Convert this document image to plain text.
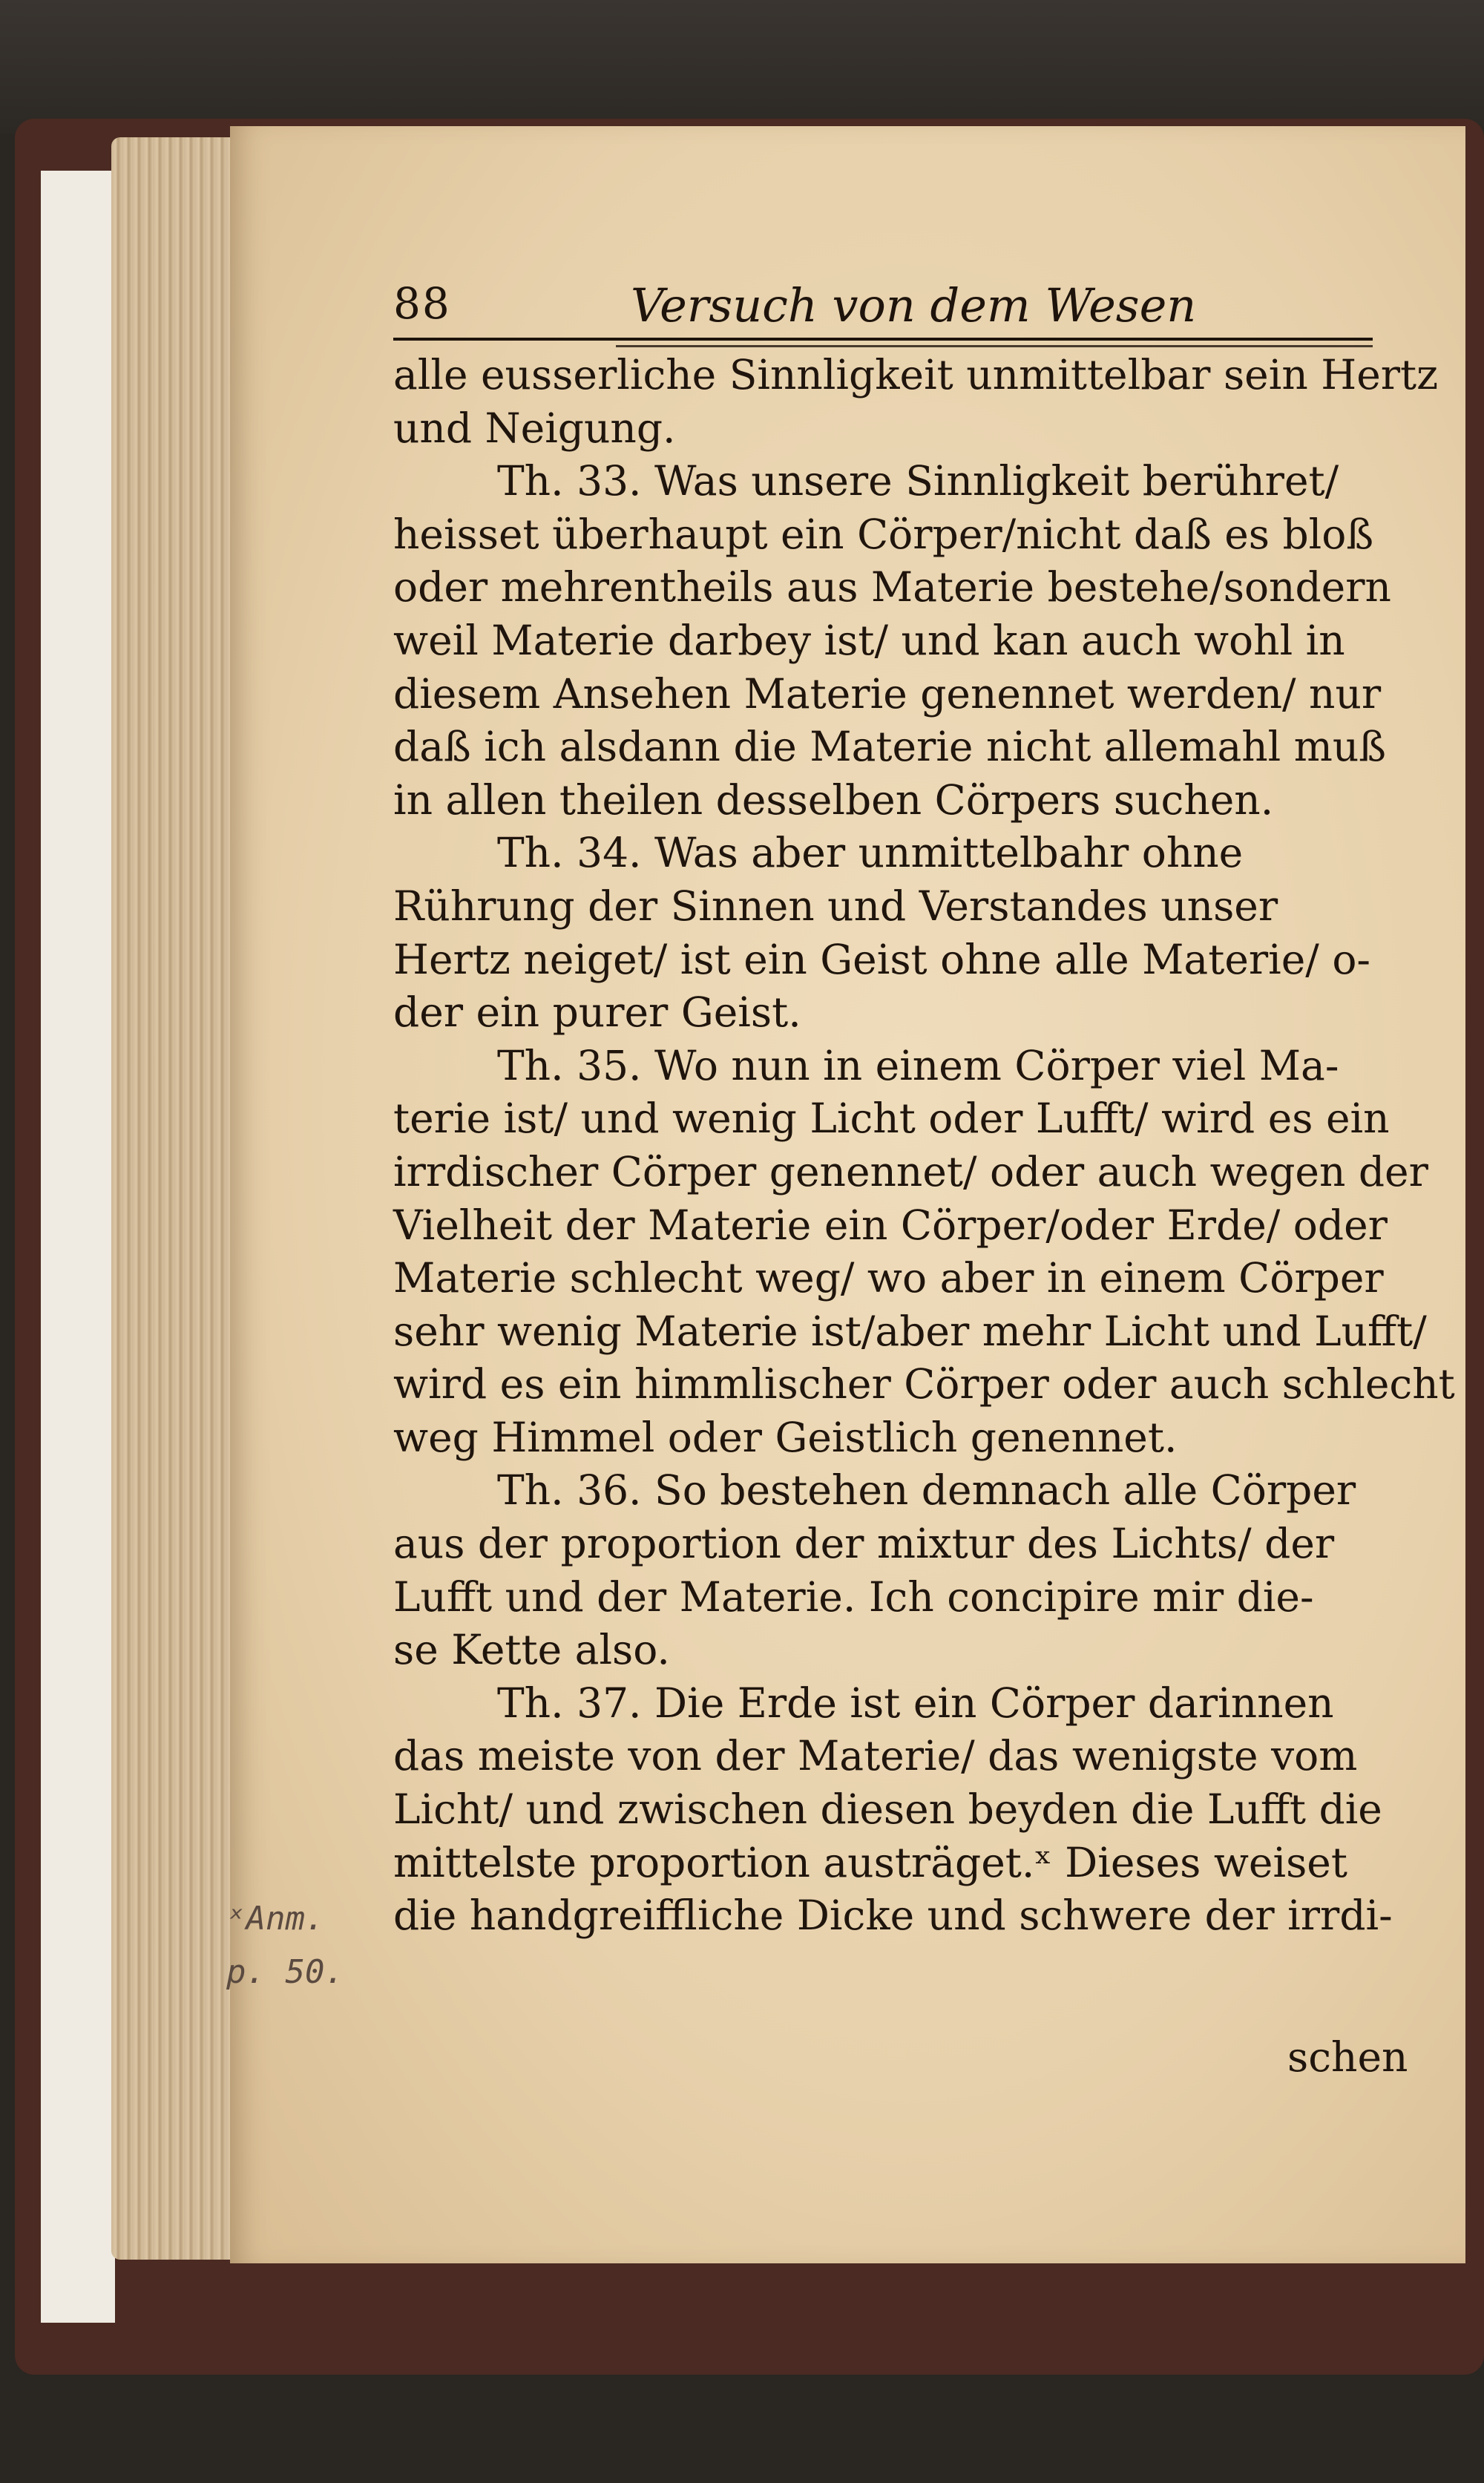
88	Versuch von dem Wesen
alle eusserliche Sinnligkeit unmittelbar sein Hertz
und Neigung.
Th. 33. Was unsere Sinnligkeit berühret/
heisset überhaupt ein Cörper/nicht daß es bloß
oder mehrentheils aus Materie bestehe/sondern
weil Materie darbey ist/ und kan auch wohl in
diesem Ansehen Materie genennet werden/ nur
daß ich alsdann die Materie nicht allemahl muß
in allen theilen desselben Cörpers suchen.
Th. 34. Was aber unmittelbahr ohne
Rührung der Sinnen und Verstandes unser
Hertz neiget/ ist ein Geist ohne alle Materie/ o-
der ein purer Geist.
Th. 35. Wo nun in einem Cörper viel Ma-
terie ist/ und wenig Licht oder Lufft/ wird es ein
irrdischer Cörper genennet/ oder auch wegen der
Vielheit der Materie ein Cörper/oder Erde/ oder
Materie schlecht weg/ wo aber in einem Cörper
sehr wenig Materie ist/aber mehr Licht und Lufft/
wird es ein himmlischer Cörper oder auch schlecht
weg Himmel oder Geistlich genennet.
Th. 36. So bestehen demnach alle Cörper
aus der proportion der mixtur des Lichts/ der
Lufft und der Materie. Ich concipire mir die-
se Kette also.
Th. 37. Die Erde ist ein Cörper darinnen
das meiste von der Materie/ das wenigste vom
Licht/ und zwischen diesen beyden die Lufft die
mittelste proportion austräget.ˣ Dieses weiset
die handgreiffliche Dicke und schwere der irrdi-
ˣAnm.
p. 50.
schen
